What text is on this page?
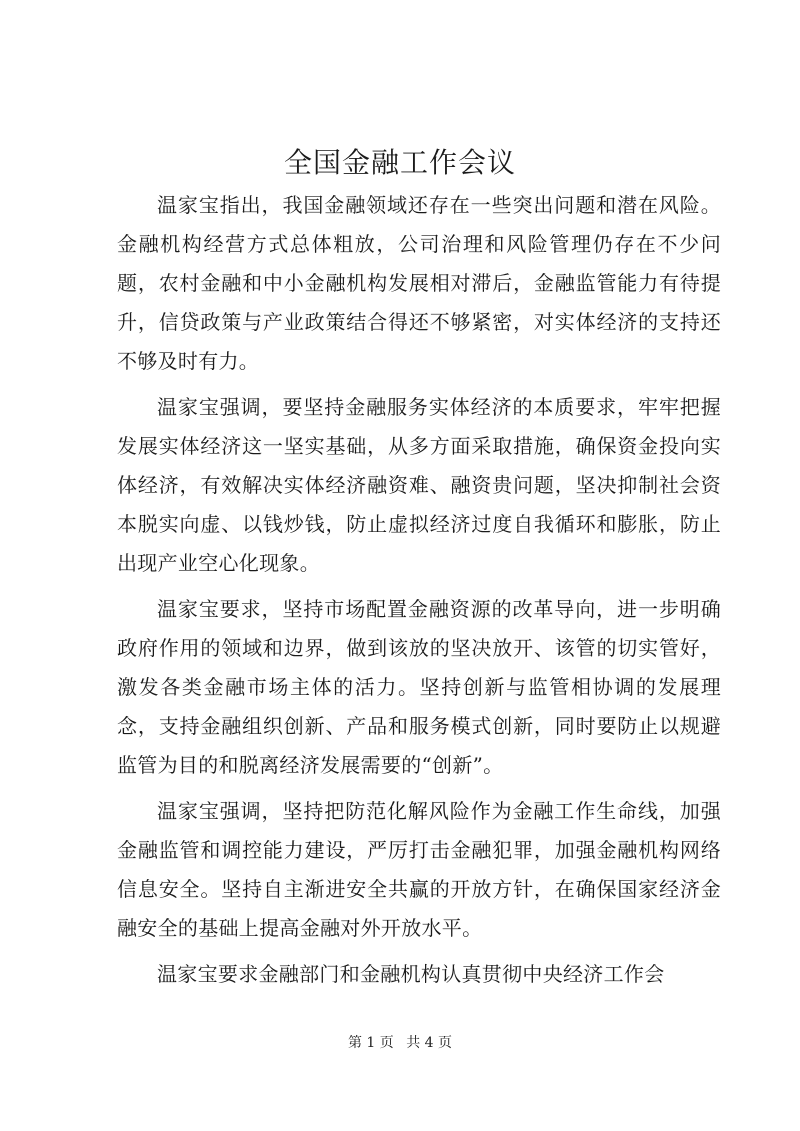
全国金融工作会议

温家宝指出，我国金融领域还存在一些突出问题和潜在风险。金融机构经营方式总体粗放，公司治理和风险管理仍存在不少问题，农村金融和中小金融机构发展相对滞后，金融监管能力有待提升，信贷政策与产业政策结合得还不够紧密，对实体经济的支持还不够及时有力。

温家宝强调，要坚持金融服务实体经济的本质要求，牢牢把握发展实体经济这一坚实基础，从多方面采取措施，确保资金投向实体经济，有效解决实体经济融资难、融资贵问题，坚决抑制社会资本脱实向虚、以钱炒钱，防止虚拟经济过度自我循环和膨胀，防止出现产业空心化现象。

温家宝要求，坚持市场配置金融资源的改革导向，进一步明确政府作用的领域和边界，做到该放的坚决放开、该管的切实管好，激发各类金融市场主体的活力。坚持创新与监管相协调的发展理念，支持金融组织创新、产品和服务模式创新，同时要防止以规避监管为目的和脱离经济发展需要的“创新”。

温家宝强调，坚持把防范化解风险作为金融工作生命线，加强金融监管和调控能力建设，严厉打击金融犯罪，加强金融机构网络信息安全。坚持自主渐进安全共赢的开放方针，在确保国家经济金融安全的基础上提高金融对外开放水平。

温家宝要求金融部门和金融机构认真贯彻中央经济工作会

第 1 页 共 4 页
